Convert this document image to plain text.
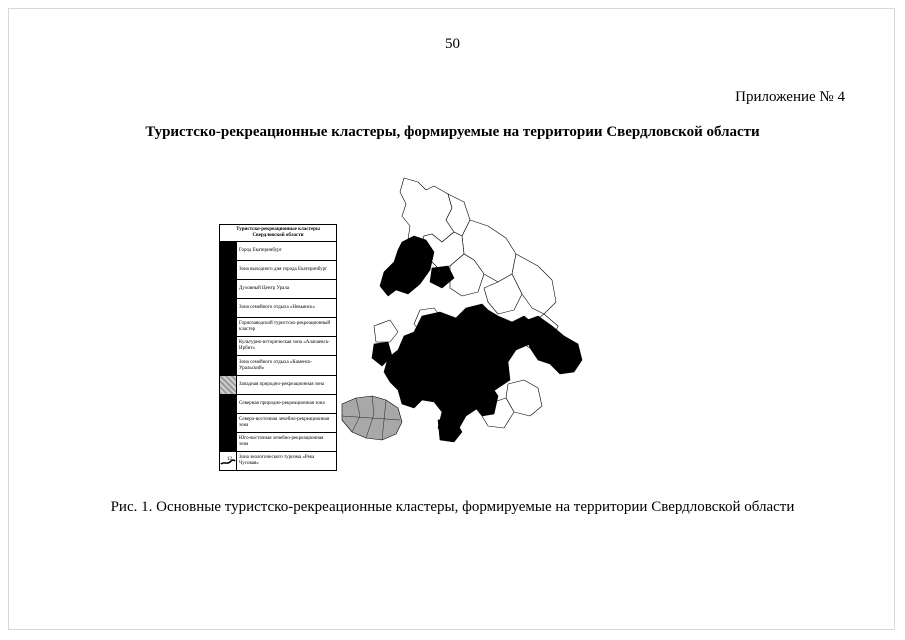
50
Приложение № 4
Туристско-рекреационные кластеры, формируемые на территории Свердловской области
Туристско-рекреационные кластеры Свердловской области
Город Екатеринбург
Зона выходного дня города Екатеринбург
Духовный Центр Урала
Зона семейного отдыха «Невьянск»
Горнозаводской туристско-рекреационный кластер
Культурно-историческая зона «Алапаевск-Ирбит»
Зона семейного отдыха «Каменск-Уральский»
Западная природно-рекреационная зона
Северная природно-рекреационная зона
Северо-восточная лечебно-рекреационная зона
Юго-восточная лечебно-рекреационная зона
12	Зона экологического туризма «Река Чусовая»
Рис. 1. Основные туристско-рекреационные кластеры, формируемые на территории Свердловской области
